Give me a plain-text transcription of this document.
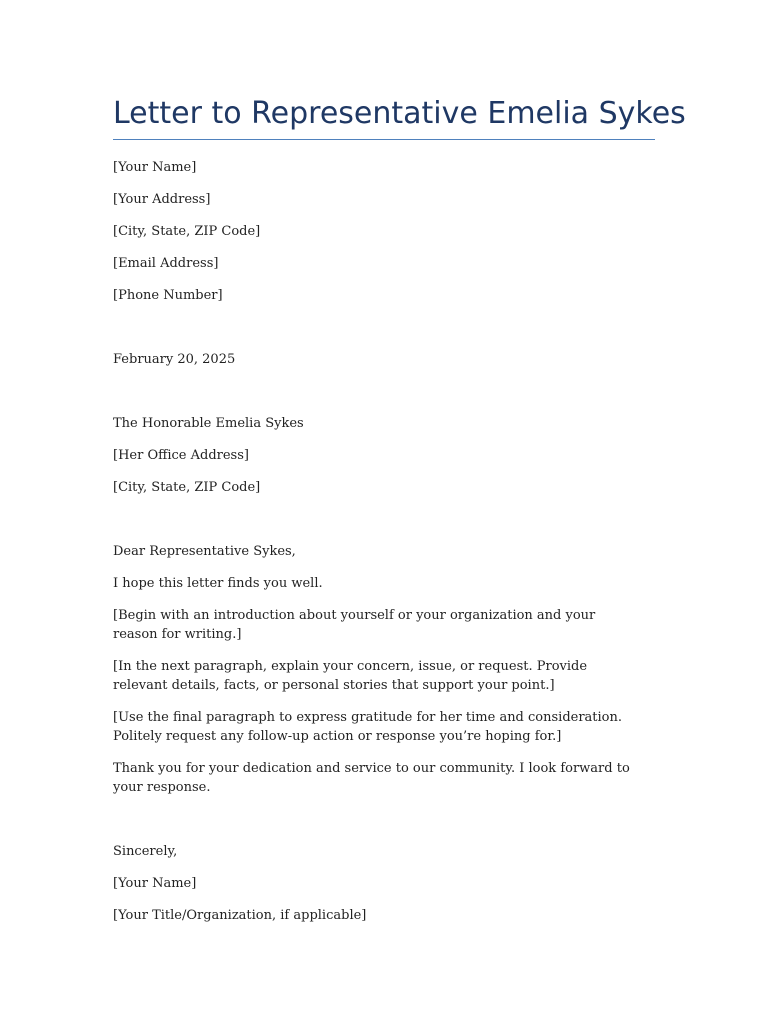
Letter to Representative Emelia Sykes

[Your Name]

[Your Address]

[City, State, ZIP Code]

[Email Address]

[Phone Number]

February 20, 2025

The Honorable Emelia Sykes

[Her Office Address]

[City, State, ZIP Code]

Dear Representative Sykes,

I hope this letter finds you well.

[Begin with an introduction about yourself or your organization and your reason for writing.]

[In the next paragraph, explain your concern, issue, or request. Provide relevant details, facts, or personal stories that support your point.]

[Use the final paragraph to express gratitude for her time and consideration. Politely request any follow-up action or response you’re hoping for.]

Thank you for your dedication and service to our community. I look forward to your response.

Sincerely,

[Your Name]

[Your Title/Organization, if applicable]
